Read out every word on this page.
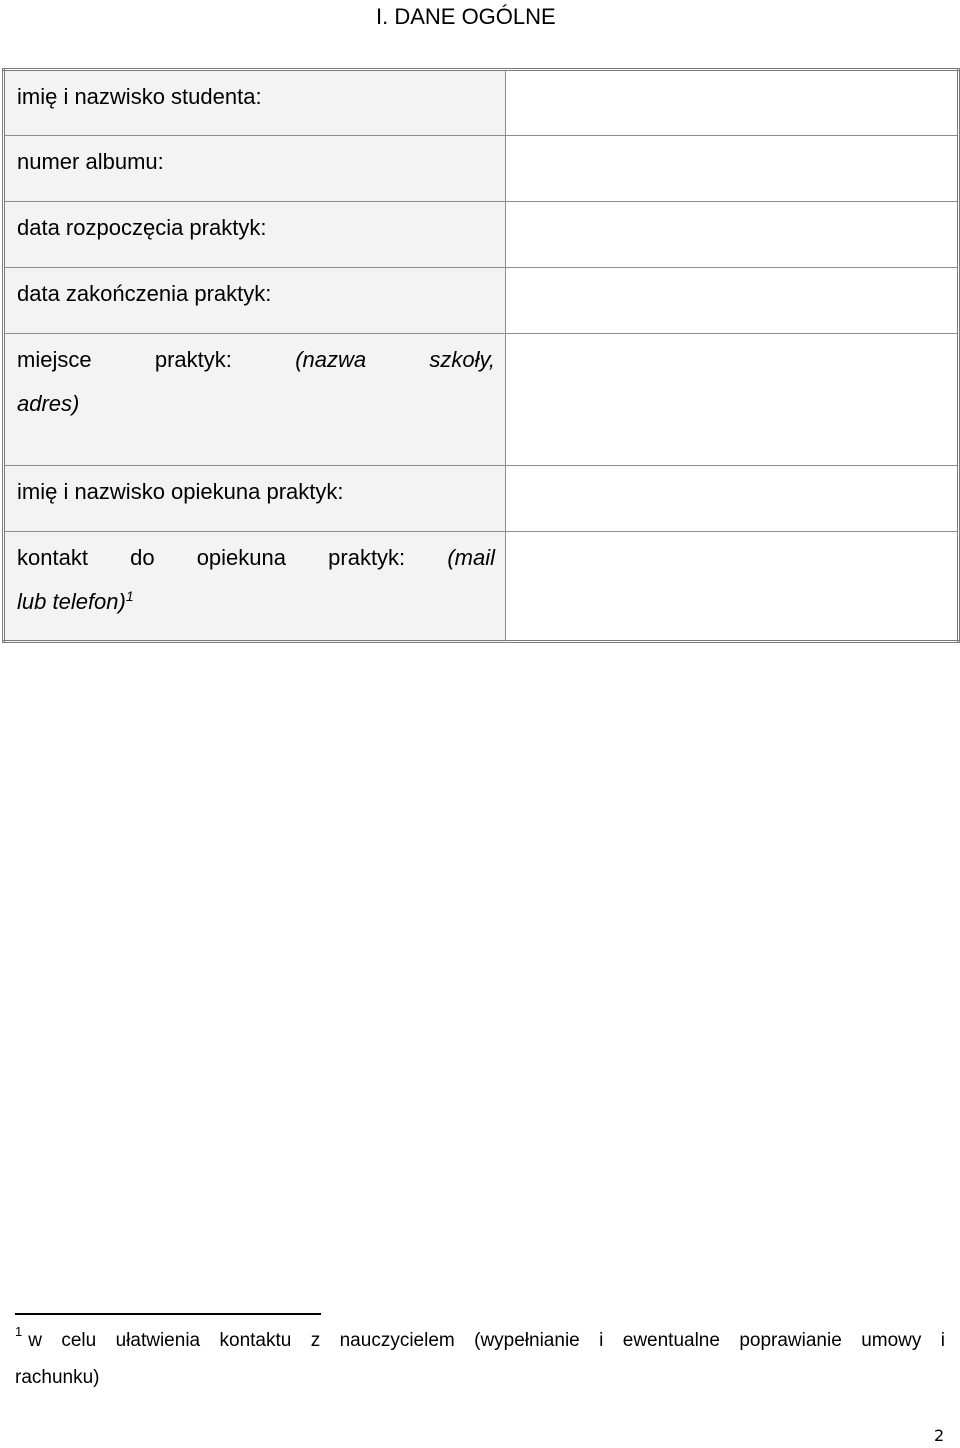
I. DANE OGÓLNE
imię i nazwisko studenta:	
numer albumu:	
data rozpoczęcia praktyk:	
data zakończenia praktyk:	

miejsce praktyk: (nazwa szkoły,
adres)	

imię i nazwisko opiekuna praktyk:	

kontakt do opiekuna praktyk: (mail
lub telefon)$^1$

$^1$ w celu ułatwienia kontaktu z nauczycielem (wypełnianie i ewentualne poprawianie umowy i
rachunku)
2
